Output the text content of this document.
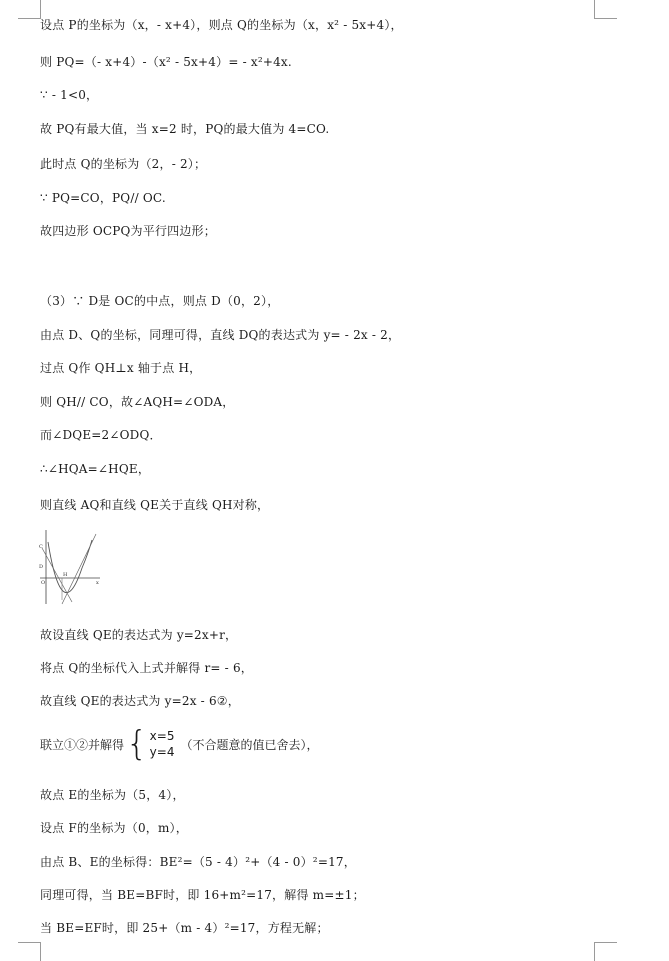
设点 P的坐标为（x，- x+4），则点 Q的坐标为（x，x² - 5x+4），
则 PQ=（- x+4）-（x² - 5x+4）= - x²+4x.
∵ - 1<0，
故 PQ有最大值，当 x=2 时，PQ的最大值为 4=CO.
此时点 Q的坐标为（2，- 2）；
∵ PQ=CO，PQ// OC.
故四边形 OCPQ为平行四边形；
（3）∵ D是 OC的中点，则点 D（0，2），
由点 D、Q的坐标，同理可得，直线 DQ的表达式为 y= - 2x - 2，
过点 Q作 QH⊥x 轴于点 H，
则 QH// CO，故∠AQH=∠ODA，
而∠DQE=2∠ODQ．
∴∠HQA=∠HQE，
则直线 AQ和直线 QE关于直线 QH对称，
故设直线 QE的表达式为 y=2x+r，
将点 Q的坐标代入上式并解得 r= - 6，
故直线 QE的表达式为 y=2x - 6②，
故点 E的坐标为（5，4），
设点 F的坐标为（0，m），
由点 B、E的坐标得：BE²=（5 - 4）²+（4 - 0）²=17，
同理可得，当 BE=BF时，即 16+m²=17，解得 m=±1；
当 BE=EF时，即 25+（m - 4）²=17，方程无解；
C
D
O
H
x
联立①②并解得 { x=5
y=4
（不合题意的值已舍去），
